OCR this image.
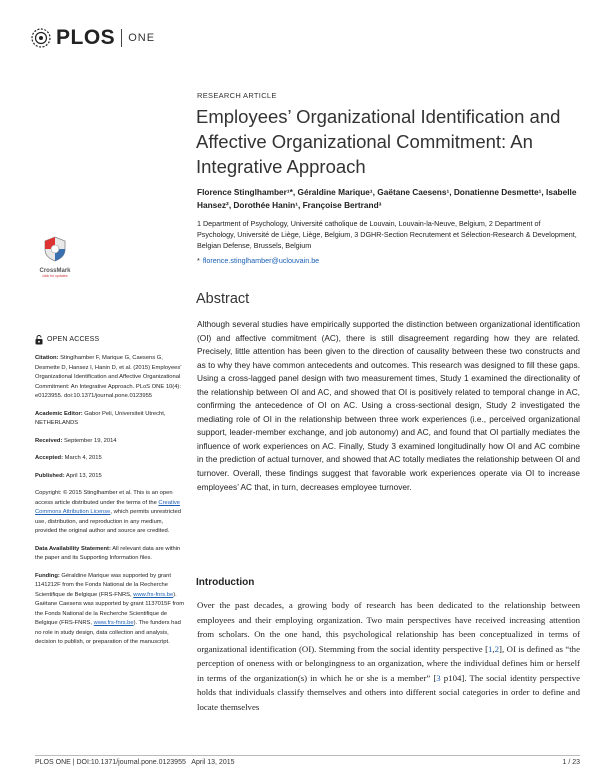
PLOS ONE
RESEARCH ARTICLE
Employees’ Organizational Identification and Affective Organizational Commitment: An Integrative Approach
Florence Stinglhamber¹*, Géraldine Marique¹, Gaëtane Caesens¹, Donatienne Desmette¹, Isabelle Hansez², Dorothée Hanin¹, Françoise Bertrand³
1 Department of Psychology, Université catholique de Louvain, Louvain-la-Neuve, Belgium, 2 Department of Psychology, Université de Liège, Liège, Belgium, 3 DGHR-Section Recrutement et Sélection-Research & Development, Belgian Defense, Brussels, Belgium
* florence.stinglhamber@uclouvain.be
CrossMark
click for updates
Abstract
Although several studies have empirically supported the distinction between organizational identification (OI) and affective commitment (AC), there is still disagreement regarding how they are related. Precisely, little attention has been given to the direction of causality between these two constructs and as to why they have common antecedents and outcomes. This research was designed to fill these gaps. Using a cross-lagged panel design with two measurement times, Study 1 examined the directionality of the relationship between OI and AC, and showed that OI is positively related to temporal change in AC, confirming the antecedence of OI on AC. Using a cross-sectional design, Study 2 investigated the mediating role of OI in the relationship between three work experiences (i.e., perceived organizational support, leader-member exchange, and job autonomy) and AC, and found that OI partially mediates the influence of work experiences on AC. Finally, Study 3 examined longitudinally how OI and AC combine in the prediction of actual turnover, and showed that AC totally mediates the relationship between OI and turnover. Overall, these findings suggest that favorable work experiences operate via OI to increase employees’ AC that, in turn, decreases employee turnover.
OPEN ACCESS
Citation: Stinglhamber F, Marique G, Caesens G, Desmette D, Hansez I, Hanin D, et al. (2015) Employees’ Organizational Identification and Affective Organizational Commitment: An Integrative Approach. PLoS ONE 10(4): e0123955. doi:10.1371/journal.pone.0123955
Academic Editor: Gabor Peli, Universiteit Utrecht, NETHERLANDS
Received: September 19, 2014
Accepted: March 4, 2015
Published: April 13, 2015
Copyright: © 2015 Stinglhamber et al. This is an open access article distributed under the terms of the Creative Commons Attribution License, which permits unrestricted use, distribution, and reproduction in any medium, provided the original author and source are credited.
Data Availability Statement: All relevant data are within the paper and its Supporting Information files.
Funding: Géraldine Marique was supported by grant 1141212F from the Fonds National de la Recherche Scientifique de Belgique (FRS-FNRS, www.frs-fnrs.be). Gaëtane Caesens was supported by grant 1137015F from the Fonds National de la Recherche Scientifique de Belgique (FRS-FNRS, www.frs-fnrs.be). The funders had no role in study design, data collection and analysis, decision to publish, or preparation of the manuscript.
Introduction
Over the past decades, a growing body of research has been dedicated to the relationship between employees and their employing organization. Two main perspectives have received increasing attention from scholars. On the one hand, this psychological relationship has been conceptualized in terms of organizational identification (OI). Stemming from the social identity perspective [1,2], OI is defined as “the perception of oneness with or belongingness to an organization, where the individual defines him or herself in terms of the organization(s) in which he or she is a member” [3 p104]. The social identity perspective holds that individuals classify themselves and others into different social categories in order to define and locate themselves
PLOS ONE | DOI:10.1371/journal.pone.0123955   April 13, 2015	1 / 23
